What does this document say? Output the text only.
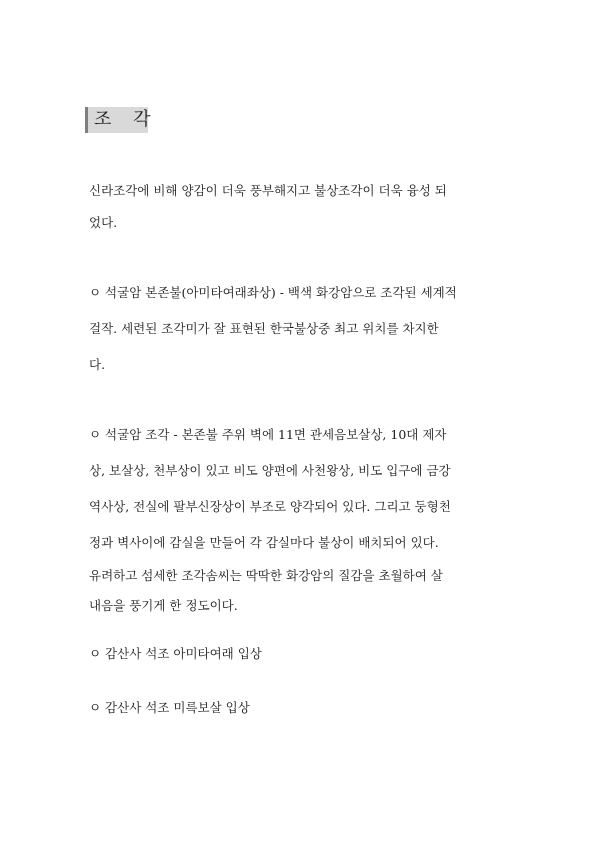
조 각
신라조각에 비해 양감이 더욱 풍부해지고 불상조각이 더욱 융성 되
었다.
ㅇ 석굴암 본존불(아미타여래좌상) - 백색 화강암으로 조각된 세계적
걸작. 세련된 조각미가 잘 표현된 한국불상중 최고 위치를 차지한
다.
ㅇ 석굴암 조각 - 본존불 주위 벽에 11면 관세음보살상, 10대 제자
상, 보살상, 천부상이 있고 비도 양편에 사천왕상, 비도 입구에 금강
역사상, 전실에 팔부신장상이 부조로 양각되어 있다. 그리고 둥형천
정과 벽사이에 감실을 만들어 각 감실마다 불상이 배치되어 있다.
유려하고 섬세한 조각솜씨는 딱딱한 화강암의 질감을 초월하여 살
내음을 풍기게 한 정도이다.
ㅇ 감산사 석조 아미타여래 입상
ㅇ 감산사 석조 미륵보살 입상
